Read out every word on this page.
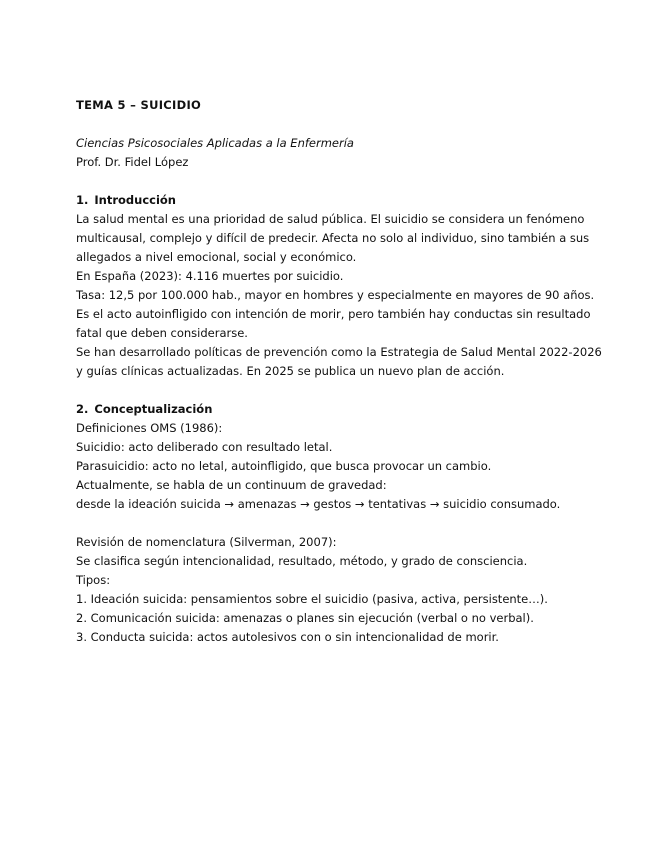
TEMA 5 – SUICIDIO

Ciencias Psicosociales Aplicadas a la Enfermería

Prof. Dr. Fidel López

1. Introducción

La salud mental es una prioridad de salud pública. El suicidio se considera un fenómeno

multicausal, complejo y difícil de predecir. Afecta no solo al individuo, sino también a sus

allegados a nivel emocional, social y económico.

En España (2023): 4.116 muertes por suicidio.

Tasa: 12,5 por 100.000 hab., mayor en hombres y especialmente en mayores de 90 años.

Es el acto autoinfligido con intención de morir, pero también hay conductas sin resultado

fatal que deben considerarse.

Se han desarrollado políticas de prevención como la Estrategia de Salud Mental 2022-2026

y guías clínicas actualizadas. En 2025 se publica un nuevo plan de acción.

2. Conceptualización

Definiciones OMS (1986):

Suicidio: acto deliberado con resultado letal.

Parasuicidio: acto no letal, autoinfligido, que busca provocar un cambio.

Actualmente, se habla de un continuum de gravedad:

desde la ideación suicida → amenazas → gestos → tentativas → suicidio consumado.

Revisión de nomenclatura (Silverman, 2007):

Se clasifica según intencionalidad, resultado, método, y grado de consciencia.

Tipos:

1. Ideación suicida: pensamientos sobre el suicidio (pasiva, activa, persistente…).

2. Comunicación suicida: amenazas o planes sin ejecución (verbal o no verbal).

3. Conducta suicida: actos autolesivos con o sin intencionalidad de morir.
